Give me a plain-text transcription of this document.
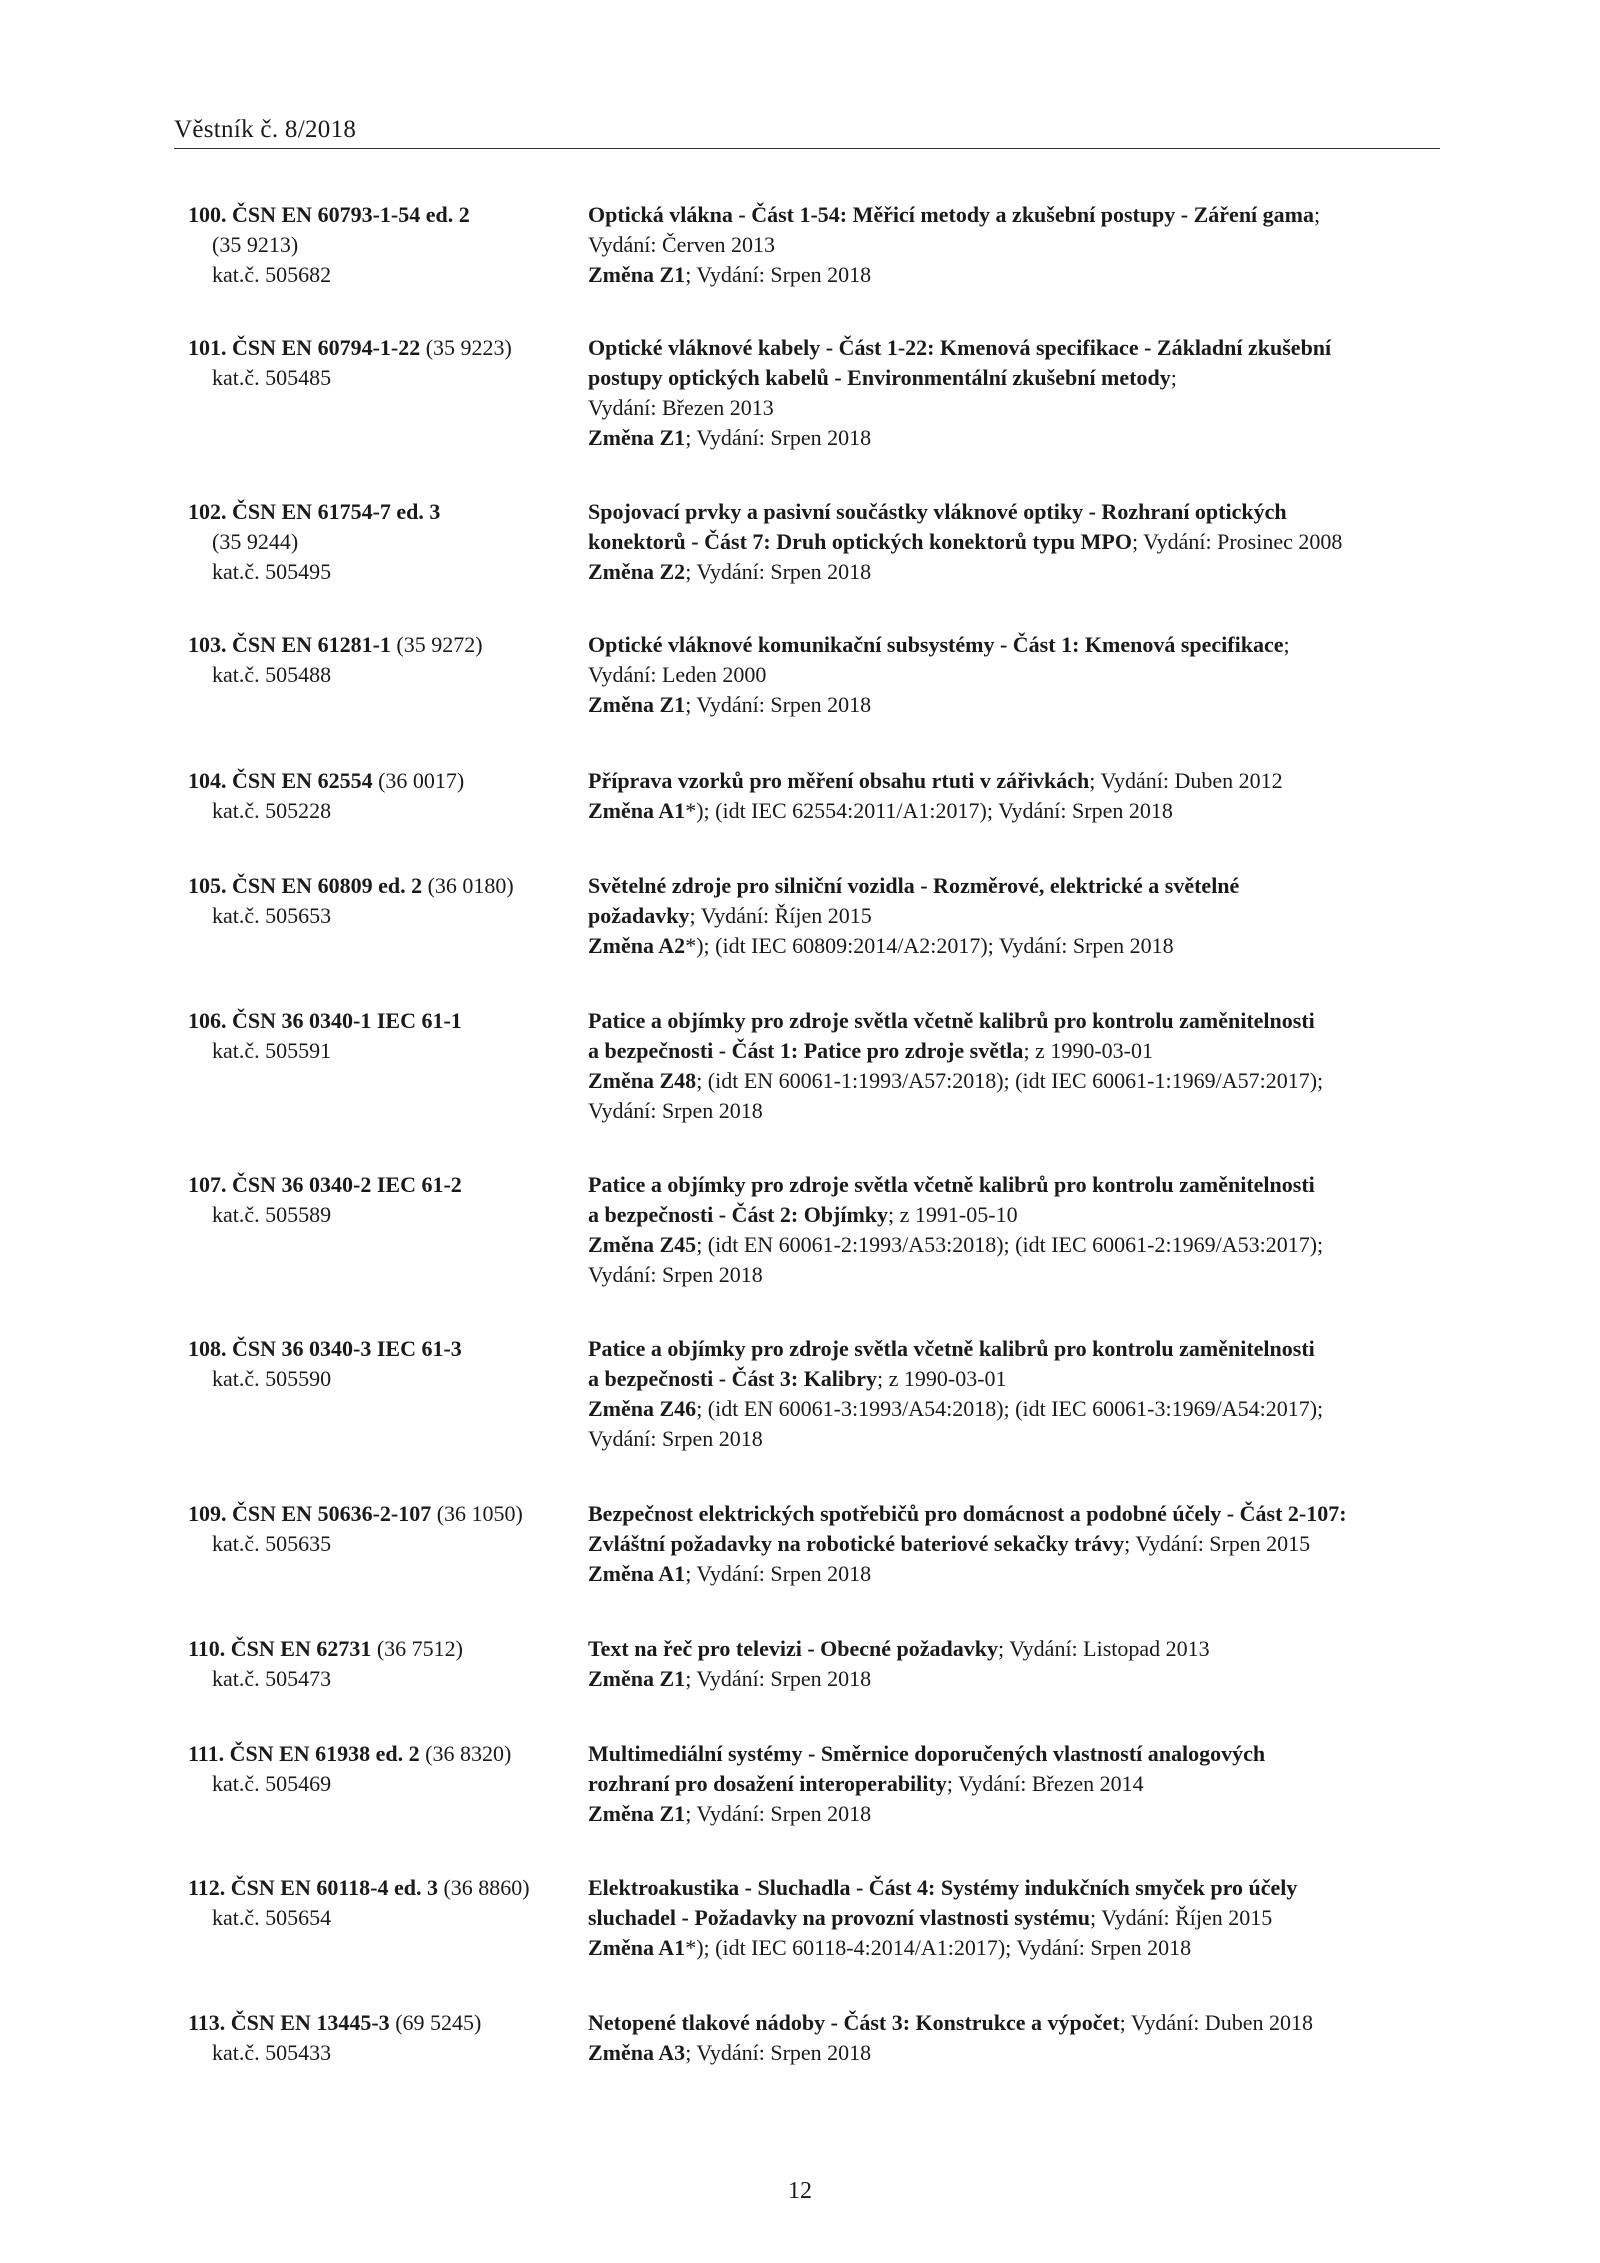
Věstník č. 8/2018
100. ČSN EN 60793-1-54 ed. 2
(35 9213)
kat.č. 505682
Optická vlákna - Část 1-54: Měřicí metody a zkušební postupy - Záření gama;
Vydání: Červen 2013
Změna Z1; Vydání: Srpen 2018
101. ČSN EN 60794-1-22 (35 9223)
kat.č. 505485
Optické vláknové kabely - Část 1-22: Kmenová specifikace - Základní zkušební
postupy optických kabelů - Environmentální zkušební metody;
Vydání: Březen 2013
Změna Z1; Vydání: Srpen 2018
102. ČSN EN 61754-7 ed. 3
(35 9244)
kat.č. 505495
Spojovací prvky a pasivní součástky vláknové optiky - Rozhraní optických
konektorů - Část 7: Druh optických konektorů typu MPO; Vydání: Prosinec 2008
Změna Z2; Vydání: Srpen 2018
103. ČSN EN 61281-1 (35 9272)
kat.č. 505488
Optické vláknové komunikační subsystémy - Část 1: Kmenová specifikace;
Vydání: Leden 2000
Změna Z1; Vydání: Srpen 2018
104. ČSN EN 62554 (36 0017)
kat.č. 505228
Příprava vzorků pro měření obsahu rtuti v zářivkách; Vydání: Duben 2012
Změna A1*); (idt IEC 62554:2011/A1:2017); Vydání: Srpen 2018
105. ČSN EN 60809 ed. 2 (36 0180)
kat.č. 505653
Světelné zdroje pro silniční vozidla - Rozměrové, elektrické a světelné
požadavky; Vydání: Říjen 2015
Změna A2*); (idt IEC 60809:2014/A2:2017); Vydání: Srpen 2018
106. ČSN 36 0340-1 IEC 61-1
kat.č. 505591
Patice a objímky pro zdroje světla včetně kalibrů pro kontrolu zaměnitelnosti
a bezpečnosti - Část 1: Patice pro zdroje světla; z 1990-03-01
Změna Z48; (idt EN 60061-1:1993/A57:2018); (idt IEC 60061-1:1969/A57:2017);
Vydání: Srpen 2018
107. ČSN 36 0340-2 IEC 61-2
kat.č. 505589
Patice a objímky pro zdroje světla včetně kalibrů pro kontrolu zaměnitelnosti
a bezpečnosti - Část 2: Objímky; z 1991-05-10
Změna Z45; (idt EN 60061-2:1993/A53:2018); (idt IEC 60061-2:1969/A53:2017);
Vydání: Srpen 2018
108. ČSN 36 0340-3 IEC 61-3
kat.č. 505590
Patice a objímky pro zdroje světla včetně kalibrů pro kontrolu zaměnitelnosti
a bezpečnosti - Část 3: Kalibry; z 1990-03-01
Změna Z46; (idt EN 60061-3:1993/A54:2018); (idt IEC 60061-3:1969/A54:2017);
Vydání: Srpen 2018
109. ČSN EN 50636-2-107 (36 1050)
kat.č. 505635
Bezpečnost elektrických spotřebičů pro domácnost a podobné účely - Část 2-107:
Zvláštní požadavky na robotické bateriové sekačky trávy; Vydání: Srpen 2015
Změna A1; Vydání: Srpen 2018
110. ČSN EN 62731 (36 7512)
kat.č. 505473
Text na řeč pro televizi - Obecné požadavky; Vydání: Listopad 2013
Změna Z1; Vydání: Srpen 2018
111. ČSN EN 61938 ed. 2 (36 8320)
kat.č. 505469
Multimediální systémy - Směrnice doporučených vlastností analogových
rozhraní pro dosažení interoperability; Vydání: Březen 2014
Změna Z1; Vydání: Srpen 2018
112. ČSN EN 60118-4 ed. 3 (36 8860)
kat.č. 505654
Elektroakustika - Sluchadla - Část 4: Systémy indukčních smyček pro účely
sluchadel - Požadavky na provozní vlastnosti systému; Vydání: Říjen 2015
Změna A1*); (idt IEC 60118-4:2014/A1:2017); Vydání: Srpen 2018
113. ČSN EN 13445-3 (69 5245)
kat.č. 505433
Netopené tlakové nádoby - Část 3: Konstrukce a výpočet; Vydání: Duben 2018
Změna A3; Vydání: Srpen 2018
12
